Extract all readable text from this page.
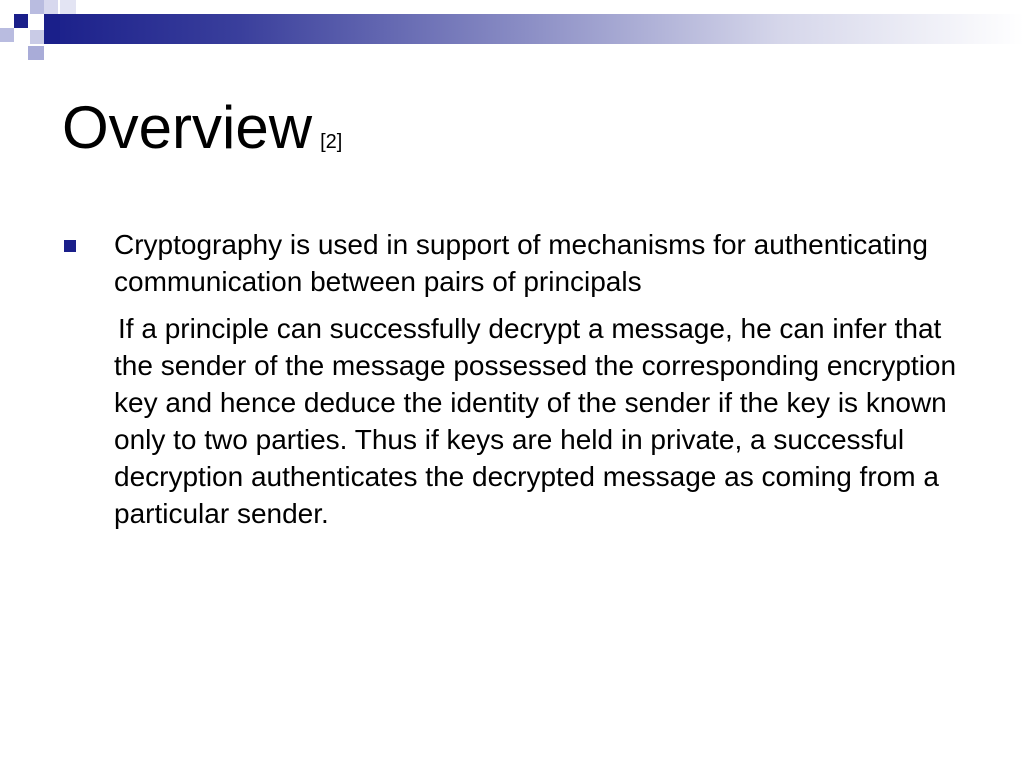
Overview [2]

Cryptography is used in support of mechanisms for authenticating communication between pairs of principals

If a principle can successfully decrypt a message, he can infer that the sender of the message possessed the corresponding encryption key and hence deduce the identity of the sender if the key is known only to two parties. Thus if keys are held in private, a successful decryption authenticates the decrypted message as coming from a particular sender.
